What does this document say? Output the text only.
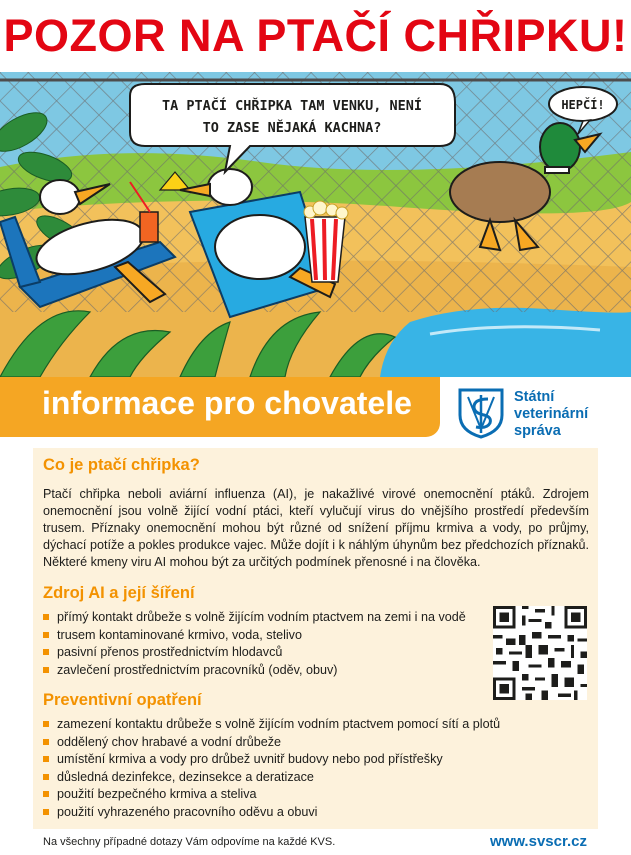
POZOR NA PTAČÍ CHŘIPKU!
TA PTAČÍ CHŘIPKA TAM VENKU, NENÍ
TO ZASE NĚJAKÁ KACHNA?
HEPČÍ!
informace pro chovatele	Státní
veterinární
správa
Co je ptačí chřipka?
Ptačí chřipka neboli aviární influenza (AI), je nakažlivé virové onemocnění ptáků. Zdrojem onemocnění jsou volně žijící vodní ptáci, kteří vylučují virus do vnějšího prostředí především trusem. Příznaky onemocnění mohou být různé od snížení příjmu krmiva a vody, po průjmy, dýchací potíže a pokles produkce vajec. Může dojít i k náhlým úhynům bez předchozích příznaků. Některé kmeny viru AI mohou být za určitých podmínek přenosné i na člověka.
Zdroj AI a její šíření
přímý kontakt drůbeže s volně žijícím vodním ptactvem na zemi i na vodě
trusem kontaminované krmivo, voda, stelivo
pasivní přenos prostřednictvím hlodavců
zavlečení prostřednictvím pracovníků (oděv, obuv)
Preventivní opatření
zamezení kontaktu drůbeže s volně žijícím vodním ptactvem pomocí sítí a plotů
oddělený chov hrabavé a vodní drůbeže
umístění krmiva a vody pro drůbež uvnitř budovy nebo pod přístřešky
důsledná dezinfekce, dezinsekce a deratizace
použití bezpečného krmiva a steliva
použití vyhrazeného pracovního oděvu a obuvi
Na všechny případné dotazy Vám odpovíme na každé KVS.	www.svscr.cz
